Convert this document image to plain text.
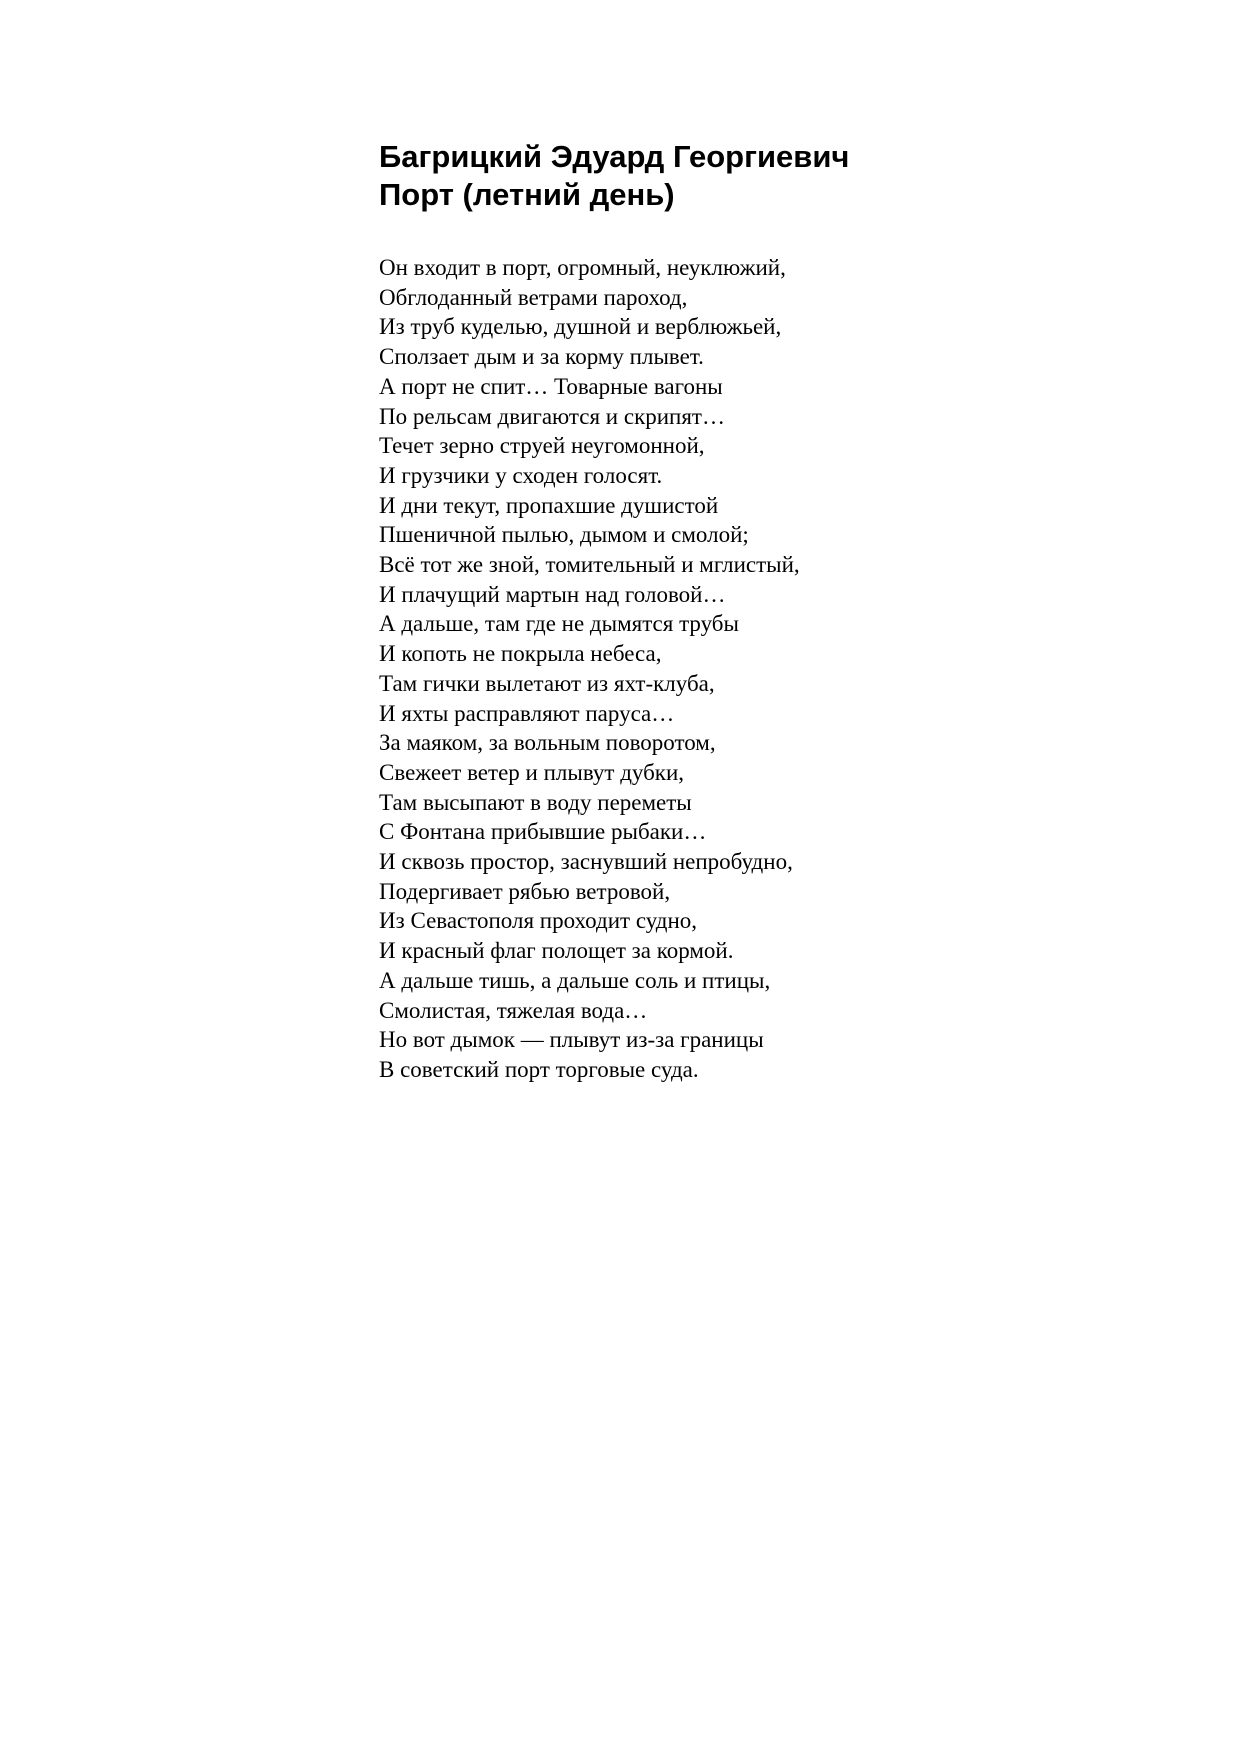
Багрицкий Эдуард Георгиевич

Порт (летний день)

Он входит в порт, огромный, неуклюжий,

Обглоданный ветрами пароход,

Из труб куделью, душной и верблюжьей,

Сползает дым и за корму плывет.

А порт не спит… Товарные вагоны

По рельсам двигаются и скрипят…

Течет зерно струей неугомонной,

И грузчики у сходен голосят.

И дни текут, пропахшие душистой

Пшеничной пылью, дымом и смолой;

Всё тот же зной, томительный и мглистый,

И плачущий мартын над головой…

А дальше, там где не дымятся трубы

И копоть не покрыла небеса,

Там гички вылетают из яхт-клуба,

И яхты расправляют паруса…

За маяком, за вольным поворотом,

Свежеет ветер и плывут дубки,

Там высыпают в воду переметы

С Фонтана прибывшие рыбаки…

И сквозь простор, заснувший непробудно,

Подергивает рябью ветровой,

Из Севастополя проходит судно,

И красный флаг полощет за кормой.

А дальше тишь, а дальше соль и птицы,

Смолистая, тяжелая вода…

Но вот дымок — плывут из-за границы

В советский порт торговые суда.
